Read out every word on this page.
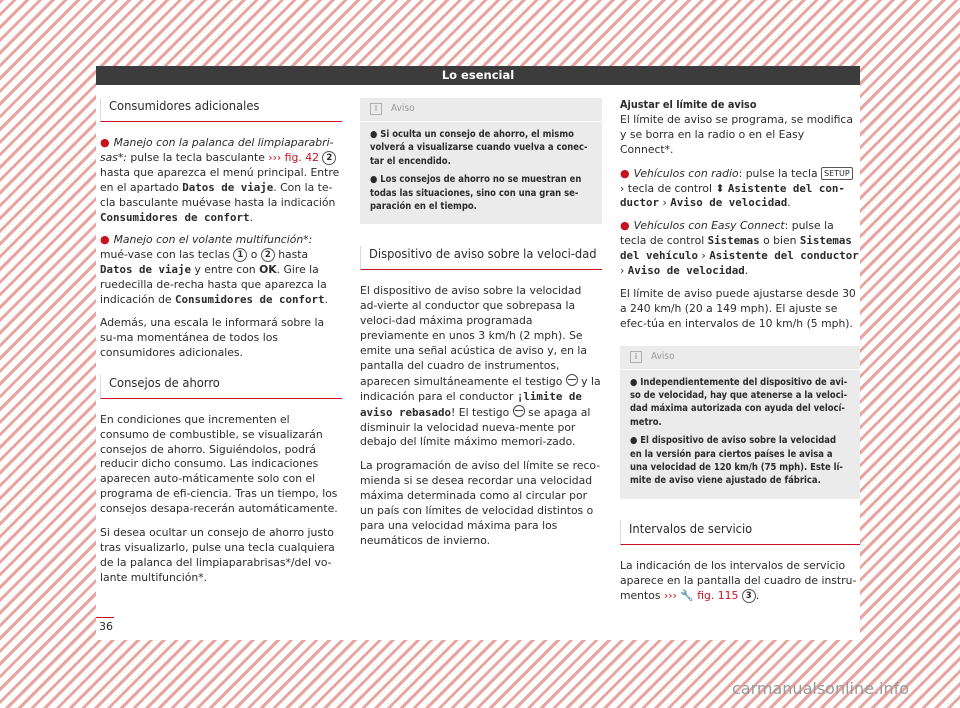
Lo esencial
Consumidores adicionales
● Manejo con la palanca del limpiaparabri-sas*: pulse la tecla basculante ››› fig. 42 2 hasta que aparezca el menú principal. Entre en el apartado Datos de viaje. Con la te-cla basculante muévase hasta la indicación Consumidores de confort.
● Manejo con el volante multifunción*: mué-vase con las teclas 1 o 2 hasta Datos de viaje y entre con OK. Gire la ruedecilla de-recha hasta que aparezca la indicación de Consumidores de confort.

Además, una escala le informará sobre la su-ma momentánea de todos los consumidores adicionales.

Consejos de ahorro

En condiciones que incrementen el consumo de combustible, se visualizarán consejos de ahorro. Siguiéndolos, podrá reducir dicho consumo. Las indicaciones aparecen auto-máticamente solo con el programa de efi-ciencia. Tras un tiempo, los consejos desapa-recerán automáticamente.

Si desea ocultar un consejo de ahorro justo tras visualizarlo, pulse una tecla cualquiera de la palanca del limpiaparabrisas*/del vo-lante multifunción*.

i	Aviso
● Si oculta un consejo de ahorro, el mismo volverá a visualizarse cuando vuelva a conec-tar el encendido.
● Los consejos de ahorro no se muestran en todas las situaciones, sino con una gran se-paración en el tiempo.
Dispositivo de aviso sobre la veloci-dad

El dispositivo de aviso sobre la velocidad ad-vierte al conductor que sobrepasa la veloci-dad máxima programada previamente en unos 3 km/h (2 mph). Se emite una señal acústica de aviso y, en la pantalla del cuadro de instrumentos, aparecen simultáneamente el testigo  y la indicación para el conductor ¡limite de aviso rebasado! El testigo  se apaga al disminuir la velocidad nueva-mente por debajo del límite máximo memori-zado.

La programación de aviso del límite se reco-mienda si se desea recordar una velocidad máxima determinada como al circular por un país con límites de velocidad distintos o para una velocidad máxima para los neumáticos de invierno.

Ajustar el límite de aviso

El límite de aviso se programa, se modifica y se borra en la radio o en el Easy Connect*.

● Vehículos con radio: pulse la tecla SETUP › tecla de control ⬍ Asistente del con-ductor › Aviso de velocidad.
● Vehículos con Easy Connect: pulse la tecla de control Sistemas o bien Sistemas del vehículo › Asistente del conductor › Aviso de velocidad.

El límite de aviso puede ajustarse desde 30 a 240 km/h (20 a 149 mph). El ajuste se efec-túa en intervalos de 10 km/h (5 mph).

i	Aviso
● Independientemente del dispositivo de avi-so de velocidad, hay que atenerse a la veloci-dad máxima autorizada con ayuda del velocí-metro.
● El dispositivo de aviso sobre la velocidad en la versión para ciertos países le avisa a una velocidad de 120 km/h (75 mph). Este lí-mite de aviso viene ajustado de fábrica.
Intervalos de servicio

La indicación de los intervalos de servicio aparece en la pantalla del cuadro de instru-mentos ››› 🔧 fig. 115 3 .

36
carmanualsonline.info
